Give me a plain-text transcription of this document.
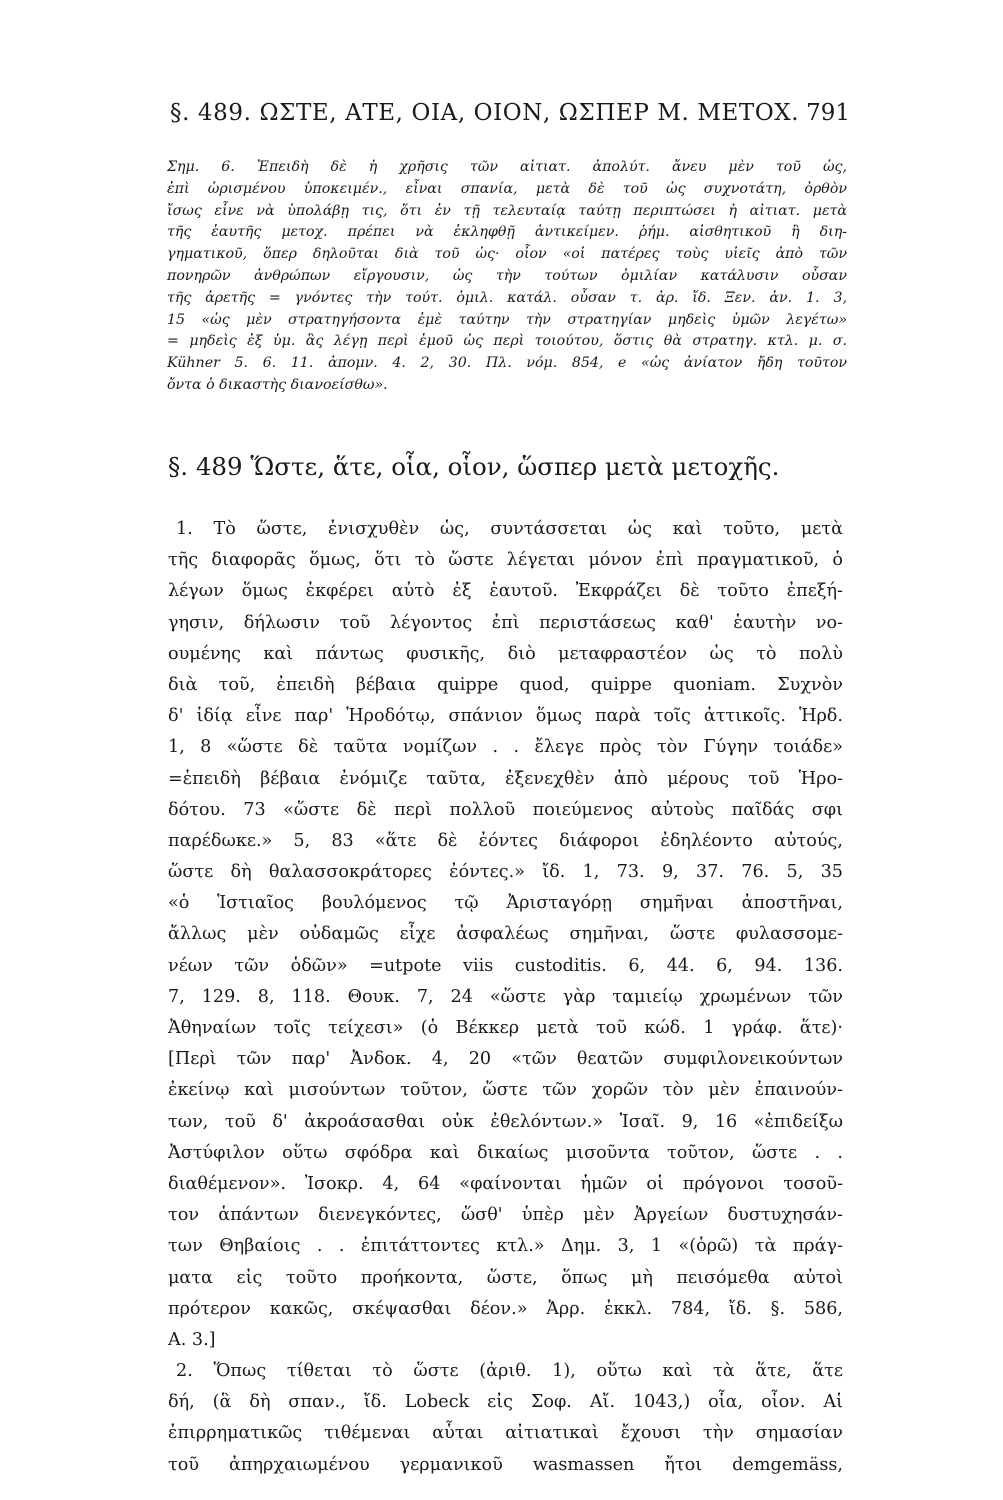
§. 489. ΩΣΤΕ, ΑΤΕ, ΟΙΑ, ΟΙΟΝ, ΩΣΠΕΡ Μ. ΜΕΤΟΧ. 791
Σημ. 6. Ἐπειδὴ δὲ ἡ χρῆσις τῶν αἰτιατ. ἀπολύτ. ἄνευ μὲν τοῦ ὡς,
ἐπὶ ὡρισμένου ὑποκειμέν., εἶναι σπανία, μετὰ δὲ τοῦ ὡς συχνοτάτη, ὀρθὸν
ἴσως εἶνε νὰ ὑπολάβῃ τις, ὅτι ἐν τῇ τελευταίᾳ ταύτῃ περιπτώσει ἡ αἰτιατ. μετὰ
τῆς ἑαυτῆς μετοχ. πρέπει νὰ ἐκληφθῇ ἀντικείμεν. ῥήμ. αἰσθητικοῦ ἢ διη-
γηματικοῦ, ὅπερ δηλοῦται διὰ τοῦ ὡς· οἷον «οἱ πατέρες τοὺς υἱεῖς ἀπὸ τῶν
πονηρῶν ἀνθρώπων εἴργουσιν, ὡς τὴν τούτων ὁμιλίαν κατάλυσιν οὖσαν
τῆς ἀρετῆς = γνόντες τὴν τούτ. ὁμιλ. κατάλ. οὖσαν τ. ἀρ. ἴδ. Ξεν. ἀν. 1. 3,
15 «ὡς μὲν στρατηγήσοντα ἐμὲ ταύτην τὴν στρατηγίαν μηδεὶς ὑμῶν λεγέτω»
= μηδεὶς ἐξ ὑμ. ἃς λέγῃ περὶ ἐμοῦ ὡς περὶ τοιούτου, ὅστις θὰ στρατηγ. κτλ. μ. σ.
Kühner 5. 6. 11. ἀπομν. 4. 2, 30. Πλ. νόμ. 854, e «ὡς ἀνίατον ἤδη τοῦτον
ὄντα ὁ δικαστὴς διανοείσθω».
§. 489 Ὥστε, ἅτε, οἷα, οἷον, ὥσπερ μετὰ μετοχῆς.
1. Τὸ ὥστε, ἐνισχυθὲν ὡς, συντάσσεται ὡς καὶ τοῦτο, μετὰ
τῆς διαφορᾶς ὅμως, ὅτι τὸ ὥστε λέγεται μόνον ἐπὶ πραγματικοῦ, ὁ
λέγων ὅμως ἐκφέρει αὐτὸ ἐξ ἑαυτοῦ. Ἐκφράζει δὲ τοῦτο ἐπεξή-
γησιν, δήλωσιν τοῦ λέγοντος ἐπὶ περιστάσεως καθ' ἑαυτὴν νο-
ουμένης καὶ πάντως φυσικῆς, διὸ μεταφραστέον ὡς τὸ πολὺ
διὰ τοῦ, ἐπειδὴ βέβαια quippe quod, quippe quoniam. Συχνὸν
δ' ἰδίᾳ εἶνε παρ' Ἡροδότῳ, σπάνιον ὅμως παρὰ τοῖς ἀττικοῖς. Ἡρδ.
1, 8 «ὥστε δὲ ταῦτα νομίζων . . ἔλεγε πρὸς τὸν Γύγην τοιάδε»
=ἐπειδὴ βέβαια ἐνόμιζε ταῦτα, ἐξενεχθὲν ἀπὸ μέρους τοῦ Ἡρο-
δότου. 73 «ὥστε δὲ περὶ πολλοῦ ποιεύμενος αὐτοὺς παῖδάς σφι
παρέδωκε.» 5, 83 «ἅτε δὲ ἐόντες διάφοροι ἐδηλέοντο αὐτούς,
ὥστε δὴ θαλασσοκράτορες ἐόντες.» ἴδ. 1, 73. 9, 37. 76. 5, 35
«ὁ Ἱστιαῖος βουλόμενος τῷ Ἀρισταγόρῃ σημῆναι ἀποστῆναι,
ἄλλως μὲν οὐδαμῶς εἶχε ἀσφαλέως σημῆναι, ὥστε φυλασσομε-
νέων τῶν ὁδῶν» =utpote viis custoditis. 6, 44. 6, 94. 136.
7, 129. 8, 118. Θουκ. 7, 24 «ὥστε γὰρ ταμιείῳ χρωμένων τῶν
Ἀθηναίων τοῖς τείχεσι» (ὁ Βέκκερ μετὰ τοῦ κώδ. 1 γράφ. ἅτε)·
[Περὶ τῶν παρ' Ἀνδοκ. 4, 20 «τῶν θεατῶν συμφιλονεικούντων
ἐκείνῳ καὶ μισούντων τοῦτον, ὥστε τῶν χορῶν τὸν μὲν ἐπαινούν-
των, τοῦ δ' ἀκροάσασθαι οὐκ ἐθελόντων.» Ἰσαῖ. 9, 16 «ἐπιδείξω
Ἀστύφιλον οὕτω σφόδρα καὶ δικαίως μισοῦντα τοῦτον, ὥστε . .
διαθέμενον». Ἰσοκρ. 4, 64 «φαίνονται ἡμῶν οἱ πρόγονοι τοσοῦ-
τον ἁπάντων διενεγκόντες, ὥσθ' ὑπὲρ μὲν Ἀργείων δυστυχησάν-
των Θηβαίοις . . ἐπιτάττοντες κτλ.» Δημ. 3, 1 «(ὁρῶ) τὰ πράγ-
ματα εἰς τοῦτο προήκοντα, ὥστε, ὅπως μὴ πεισόμεθα αὐτοὶ
πρότερον κακῶς, σκέψασθαι δέον.» Ἀρρ. ἐκκλ. 784, ἴδ. §. 586,
A. 3.]
2. Ὅπως τίθεται τὸ ὥστε (ἀριθ. 1), οὕτω καὶ τὰ ἅτε, ἅτε
δή, (ἃ δὴ σπαν., ἴδ. Lobeck εἰς Σοφ. Αἴ. 1043,) οἷα, οἷον. Αἱ
ἐπιρρηματικῶς τιθέμεναι αὗται αἰτιατικαὶ ἔχουσι τὴν σημασίαν
τοῦ ἀπηρχαιωμένου γερμανικοῦ wasmassen ἤτοι demgemäss,
